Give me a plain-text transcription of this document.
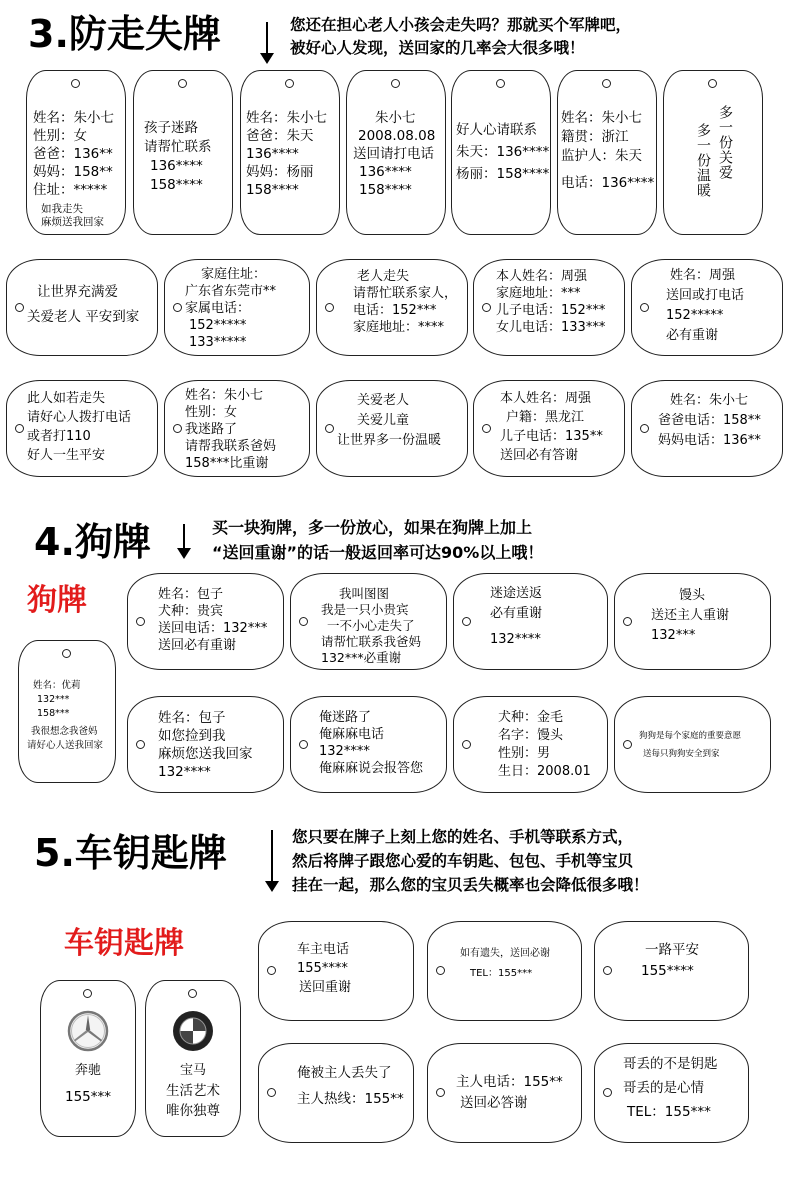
3.防走失牌	您还在担心老人小孩会走失吗？那就买个军牌吧，
被好心人发现，送回家的几率会大很多哦！
姓名：朱小七
性别：女
爸爸：136**
妈妈：158**
住址：*****
如我走失
麻烦送我回家
孩子迷路
请帮忙联系
136****
158****
姓名：朱小七
爸爸：朱天
136****
妈妈：杨丽
158****
朱小七
2008.08.08
送回请打电话
136****
158****
好人心请联系
朱天：136****
杨丽：158****
姓名：朱小七
籍贯：浙江
监护人：朱天
电话：136****
多一份关爱
多一份温暖
让世界充满爱
关爱老人 平安到家
家庭住址：
广东省东莞市**
家属电话：
152*****
133*****
老人走失
请帮忙联系家人，
电话：152***
家庭地址：****
本人姓名：周强
家庭地址：***
儿子电话：152***
女儿电话：133***
姓名：周强
送回或打电话
152*****
必有重谢
此人如若走失
请好心人拨打电话
或者打110
好人一生平安
姓名：朱小七
性别：女
我迷路了
请帮我联系爸妈
158***比重谢
关爱老人
关爱儿童
让世界多一份温暖
本人姓名：周强
户籍：黑龙江
儿子电话：135**
送回必有答谢
姓名：朱小七
爸爸电话：158**
妈妈电话：136**
4.狗牌	买一块狗牌，多一份放心，如果在狗牌上加上
“送回重谢”的话一般返回率可达90%以上哦！
狗牌
姓名：优莉
132***
158***
我很想念我爸妈
请好心人送我回家
姓名：包子
犬种：贵宾
送回电话：132***
送回必有重谢
我叫图图
我是一只小贵宾
一不小心走失了
请帮忙联系我爸妈
132***必重谢
迷途送返
必有重谢
132****
馒头
送还主人重谢
132***
姓名：包子
如您捡到我
麻烦您送我回家
132****
俺迷路了
俺麻麻电话
132****
俺麻麻说会报答您
犬种：金毛
名字：馒头
性别：男
生日：2008.01
狗狗是每个家庭的重要意愿
送每只狗狗安全到家
5.车钥匙牌	您只要在牌子上刻上您的姓名、手机等联系方式，
然后将牌子跟您心爱的车钥匙、包包、手机等宝贝
挂在一起，那么您的宝贝丢失概率也会降低很多哦！
车钥匙牌
奔驰
155***
宝马
生活艺术
唯你独尊
车主电话
155****
送回重谢
如有遗失，送回必谢
TEL：155***
一路平安
155****
俺被主人丢失了
主人热线：155**
主人电话：155**
送回必答谢
哥丢的不是钥匙
哥丢的是心情
TEL：155***
